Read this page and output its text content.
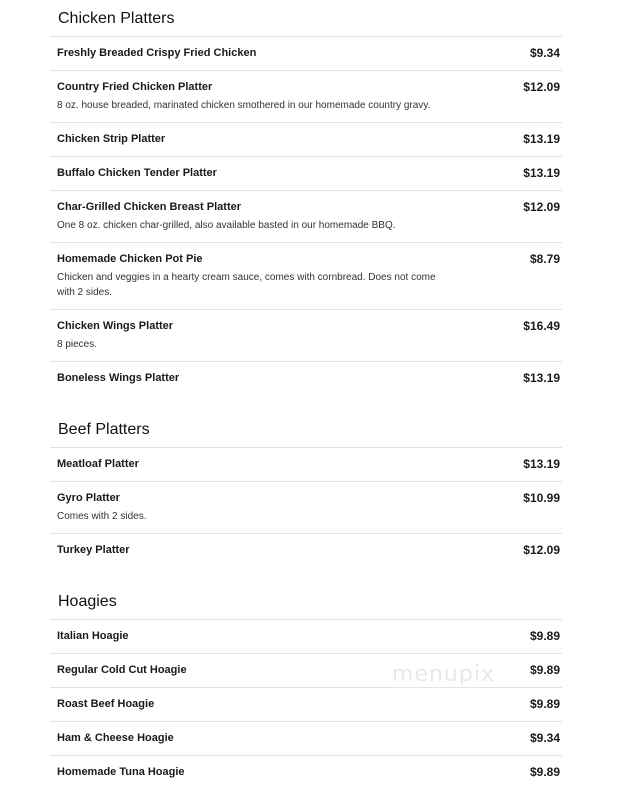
Chicken Platters
Freshly Breaded Crispy Fried Chicken	$9.34
Country Fried Chicken Platter	$12.09
8 oz. house breaded, marinated chicken smothered in our homemade country gravy.
Chicken Strip Platter	$13.19
Buffalo Chicken Tender Platter	$13.19
Char-Grilled Chicken Breast Platter	$12.09
One 8 oz. chicken char-grilled, also available basted in our homemade BBQ.
Homemade Chicken Pot Pie	$8.79
Chicken and veggies in a hearty cream sauce, comes with cornbread. Does not come with 2 sides.
Chicken Wings Platter	$16.49
8 pieces.
Boneless Wings Platter	$13.19
Beef Platters
Meatloaf Platter	$13.19
Gyro Platter	$10.99
Comes with 2 sides.
Turkey Platter	$12.09
Hoagies
Italian Hoagie	$9.89
Regular Cold Cut Hoagie	$9.89
Roast Beef Hoagie	$9.89
Ham & Cheese Hoagie	$9.34
Homemade Tuna Hoagie	$9.89
menupix
